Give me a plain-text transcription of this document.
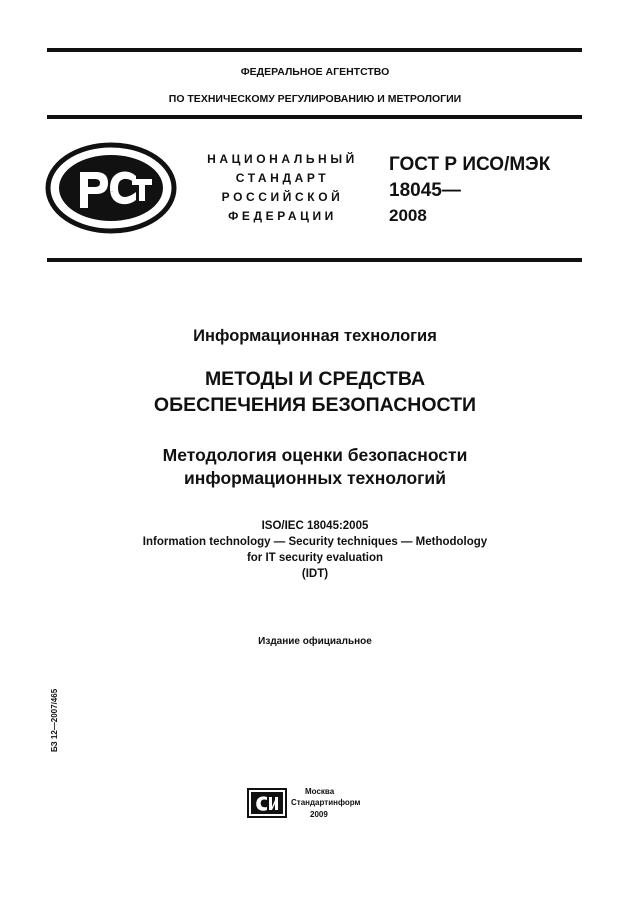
ФЕДЕРАЛЬНОЕ АГЕНТСТВО
ПО ТЕХНИЧЕСКОМУ РЕГУЛИРОВАНИЮ И МЕТРОЛОГИИ
РСТ
НАЦИОНАЛЬНЫЙ
СТАНДАРТ
РОССИЙСКОЙ
ФЕДЕРАЦИИ
ГОСТ Р ИСО/МЭК
18045—
2008
Информационная технология
МЕТОДЫ И СРЕДСТВА
ОБЕСПЕЧЕНИЯ БЕЗОПАСНОСТИ
Методология оценки безопасности
информационных технологий
ISO/IEC 18045:2005
Information technology — Security techniques — Methodology
for IT security evaluation
(IDT)
Издание официальное
БЗ 12—2007/465
СИ
Москва
Стандартинформ
2009
